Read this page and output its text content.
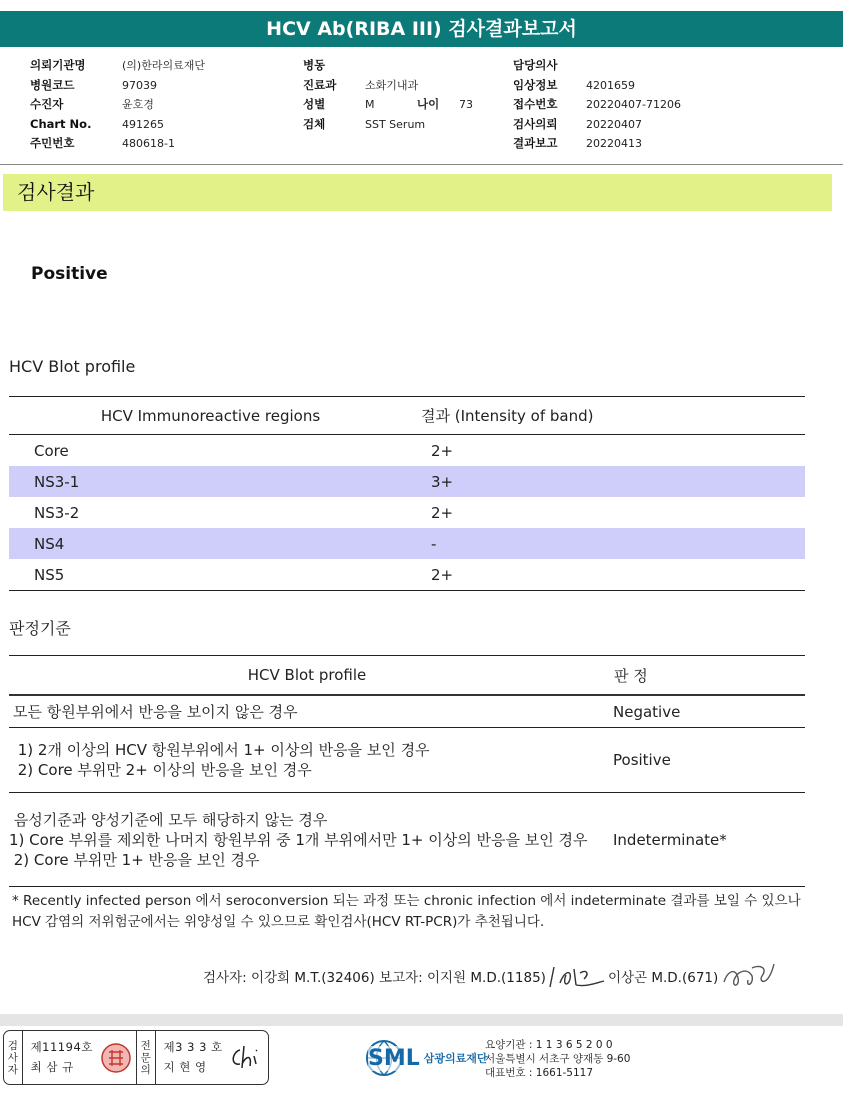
HCV Ab(RIBA III) 검사결과보고서
의뢰기관명	(의)한라의료재단
병원코드	97039
수진자	윤호경
Chart No.	491265
주민번호	480618-1
병동
진료과	소화기내과
성별	M	나이	73
검체	SST Serum
담당의사
임상정보	4201659
접수번호	20220407-71206
검사의뢰	20220407
결과보고	20220413
검사결과
Positive
HCV Blot profile
HCV Immunoreactive regions	결과 (Intensity of band)
Core	2+
NS3-1	3+
NS3-2	2+
NS4	-
NS5	2+
판정기준
HCV Blot profile	판 정

모든 항원부위에서 반응을 보이지 않은 경우	Negative

1) 2개 이상의 HCV 항원부위에서 1+ 이상의 반응을 보인 경우
2) Core 부위만 2+ 이상의 반응을 보인 경우	Positive

음성기준과 양성기준에 모두 해당하지 않는 경우
1) Core 부위를 제외한 나머지 항원부위 중 1개 부위에서만 1+ 이상의 반응을 보인 경우
2) Core 부위만 1+ 반응을 보인 경우	Indeterminate*
* Recently infected person 에서 seroconversion 되는 과정 또는 chronic infection 에서 indeterminate 결과를 보일 수 있으나 HCV 감염의 저위험군에서는 위양성일 수 있으므로 확인검사(HCV RT-PCR)가 추천됩니다.
검사자: 이강희 M.T.(32406)
보고자: 이지원 M.D.(1185)	이상곤 M.D.(671)
검
사
자
제11194호
최 삼 규
전
문
의
제3 3 3 호
지 현 영	SML 삼광의료재단
요양기관 : 1 1 3 6 5 2 0 0
서울특별시 서초구 양재동 9-60
대표번호 : 1661-5117
